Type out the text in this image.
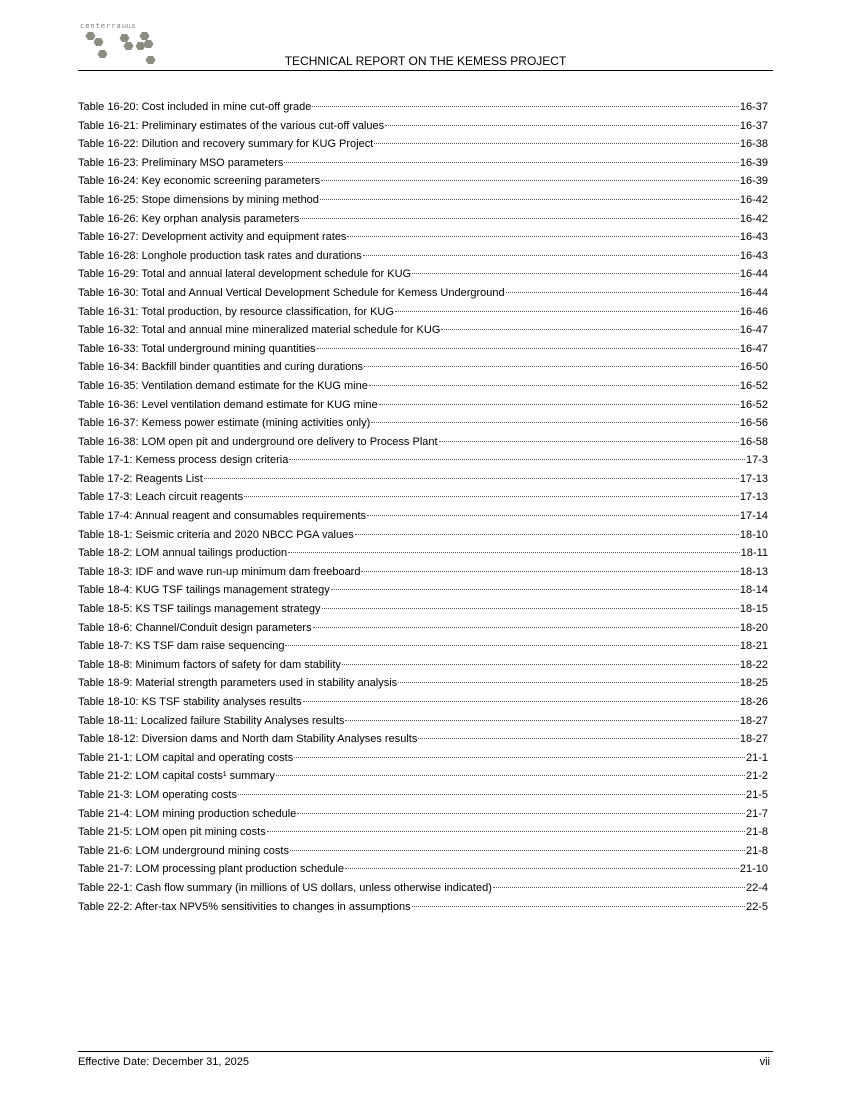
centerraGOLD
TECHNICAL REPORT ON THE KEMESS PROJECT
Table 16-20: Cost included in mine cut-off grade	16-37
Table 16-21: Preliminary estimates of the various cut-off values	16-37
Table 16-22: Dilution and recovery summary for KUG Project	16-38
Table 16-23: Preliminary MSO parameters	16-39
Table 16-24: Key economic screening parameters	16-39
Table 16-25: Stope dimensions by mining method	16-42
Table 16-26: Key orphan analysis parameters	16-42
Table 16-27: Development activity and equipment rates	16-43
Table 16-28: Longhole production task rates and durations	16-43
Table 16-29: Total and annual lateral development schedule for KUG	16-44
Table 16-30: Total and Annual Vertical Development Schedule for Kemess Underground	16-44
Table 16-31: Total production, by resource classification, for KUG	16-46
Table 16-32: Total and annual mine mineralized material schedule for KUG	16-47
Table 16-33: Total underground mining quantities	16-47
Table 16-34: Backfill binder quantities and curing durations	16-50
Table 16-35: Ventilation demand estimate for the KUG mine	16-52
Table 16-36: Level ventilation demand estimate for KUG mine	16-52
Table 16-37: Kemess power estimate (mining activities only)	16-56
Table 16-38: LOM open pit and underground ore delivery to Process Plant	16-58
Table 17-1: Kemess process design criteria	17-3
Table 17-2: Reagents List	17-13
Table 17-3: Leach circuit reagents	17-13
Table 17-4: Annual reagent and consumables requirements	17-14
Table 18-1: Seismic criteria and 2020 NBCC PGA values	18-10
Table 18-2: LOM annual tailings production	18-11
Table 18-3: IDF and wave run-up minimum dam freeboard	18-13
Table 18-4: KUG TSF tailings management strategy	18-14
Table 18-5: KS TSF tailings management strategy	18-15
Table 18-6: Channel/Conduit design parameters	18-20
Table 18-7: KS TSF dam raise sequencing	18-21
Table 18-8: Minimum factors of safety for dam stability	18-22
Table 18-9: Material strength parameters used in stability analysis	18-25
Table 18-10: KS TSF stability analyses results	18-26
Table 18-11: Localized failure Stability Analyses results	18-27
Table 18-12: Diversion dams and North dam Stability Analyses results	18-27
Table 21-1: LOM capital and operating costs	21-1
Table 21-2: LOM capital costs¹ summary	21-2
Table 21-3: LOM operating costs	21-5
Table 21-4: LOM mining production schedule	21-7
Table 21-5: LOM open pit mining costs	21-8
Table 21-6: LOM underground mining costs	21-8
Table 21-7: LOM processing plant production schedule	21-10
Table 22-1: Cash flow summary (in millions of US dollars, unless otherwise indicated)	22-4
Table 22-2: After-tax NPV5% sensitivities to changes in assumptions	22-5
Effective Date: December 31, 2025	vii
